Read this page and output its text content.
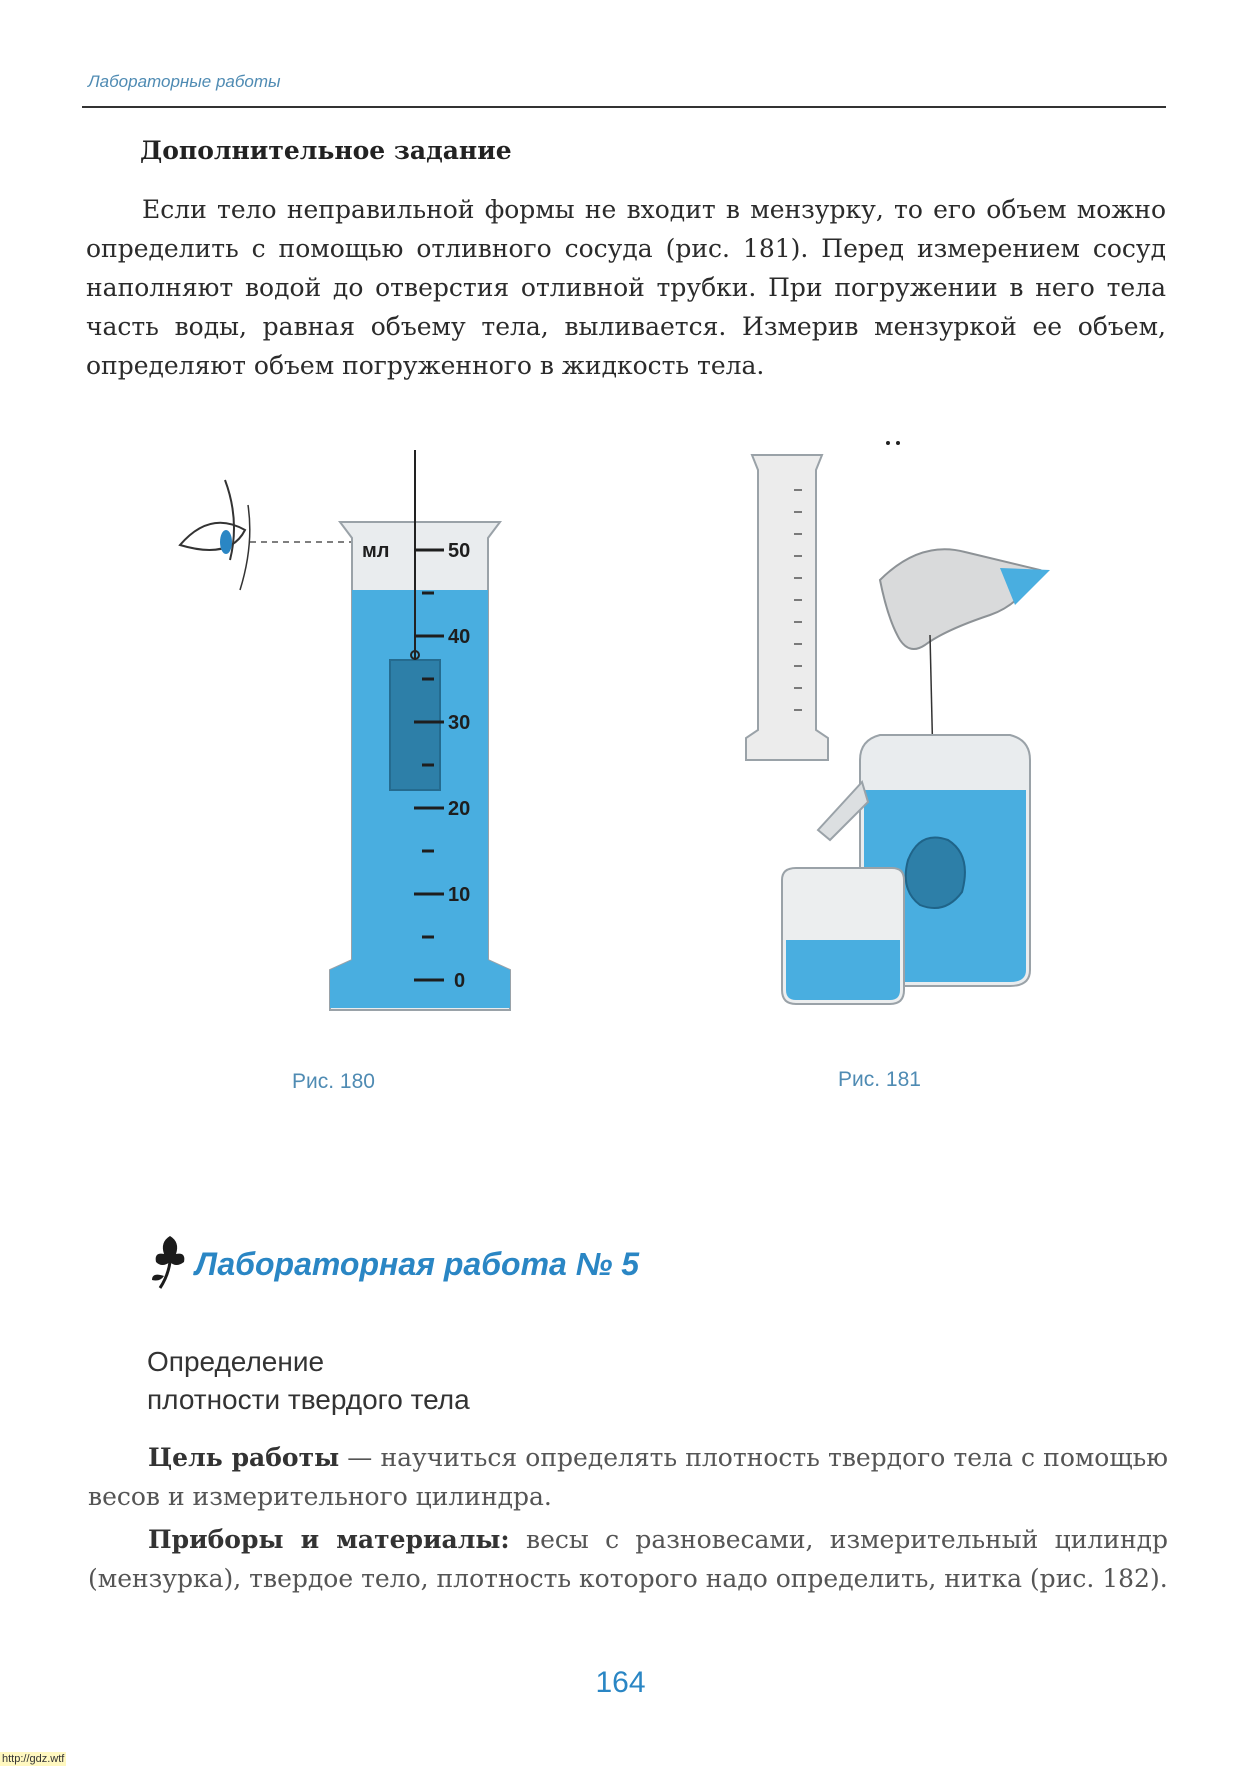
Лабораторные работы
Дополнительное задание
Если тело неправильной формы не входит в мензурку, то его объем можно определить с помощью отливного сосуда (рис. 181). Перед измерением сосуд наполняют водой до отверстия отливной трубки. При погружении в него тела часть воды, равная объему тела, выливается. Измерив мензуркой ее объем, определяют объем погруженного в жидкость тела.
мл	50
40
30
20
10
0
Рис. 180	Рис. 181
Лабораторная работа № 5
Определение
плотности твердого тела
Цель работы — научиться определять плотность твердого тела с помощью весов и измерительного цилиндра.
Приборы и материалы: весы с разновесами, измерительный цилиндр (мензурка), твердое тело, плотность которого надо определить, нитка (рис. 182).
164
http://gdz.wtf
